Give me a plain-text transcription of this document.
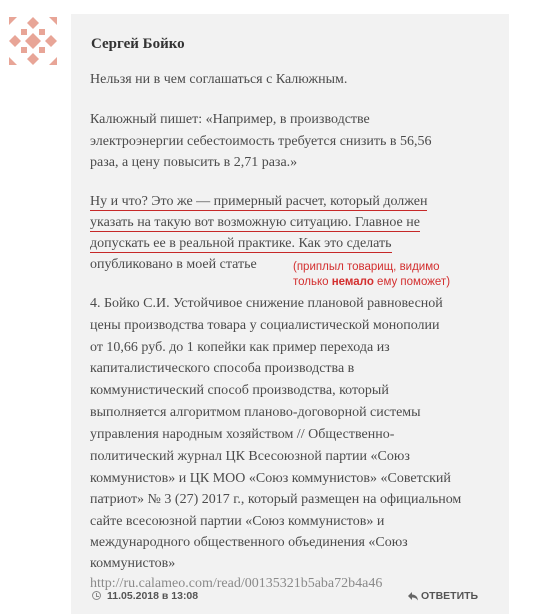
Сергей Бойко
Нельзя ни в чем соглашаться с Калюжным.
Калюжный пишет: «Например, в производстве
электроэнергии себестоимость требуется снизить в 56,56
раза, а цену повысить в 2,71 раза.»
Ну и что? Это же — примерный расчет, который должен
указать на такую вот возможную ситуацию. Главное не
допускать ее в реальной практике. Как это сделать
опубликовано в моей статье	(приплыл товарищ, видимо
только немало ему поможет)
4. Бойко С.И. Устойчивое снижение плановой равновесной
цены производства товара у социалистической монополии
от 10,66 руб. до 1 копейки как пример перехода из
капиталистического способа производства в
коммунистический способ производства, который
выполняется алгоритмом планово-договорной системы
управления народным хозяйством // Общественно-
политический журнал ЦК Всесоюзной партии «Союз
коммунистов» и ЦК МОО «Союз коммунистов» «Советский
патриот» № 3 (27) 2017 г., который размещен на официальном
сайте всесоюзной партии «Союз коммунистов» и
международного общественного объединения «Союз
коммунистов»
http://ru.calameo.com/read/00135321b5aba72b4a46
11.05.2018 в 13:08	ОТВЕТИТЬ
